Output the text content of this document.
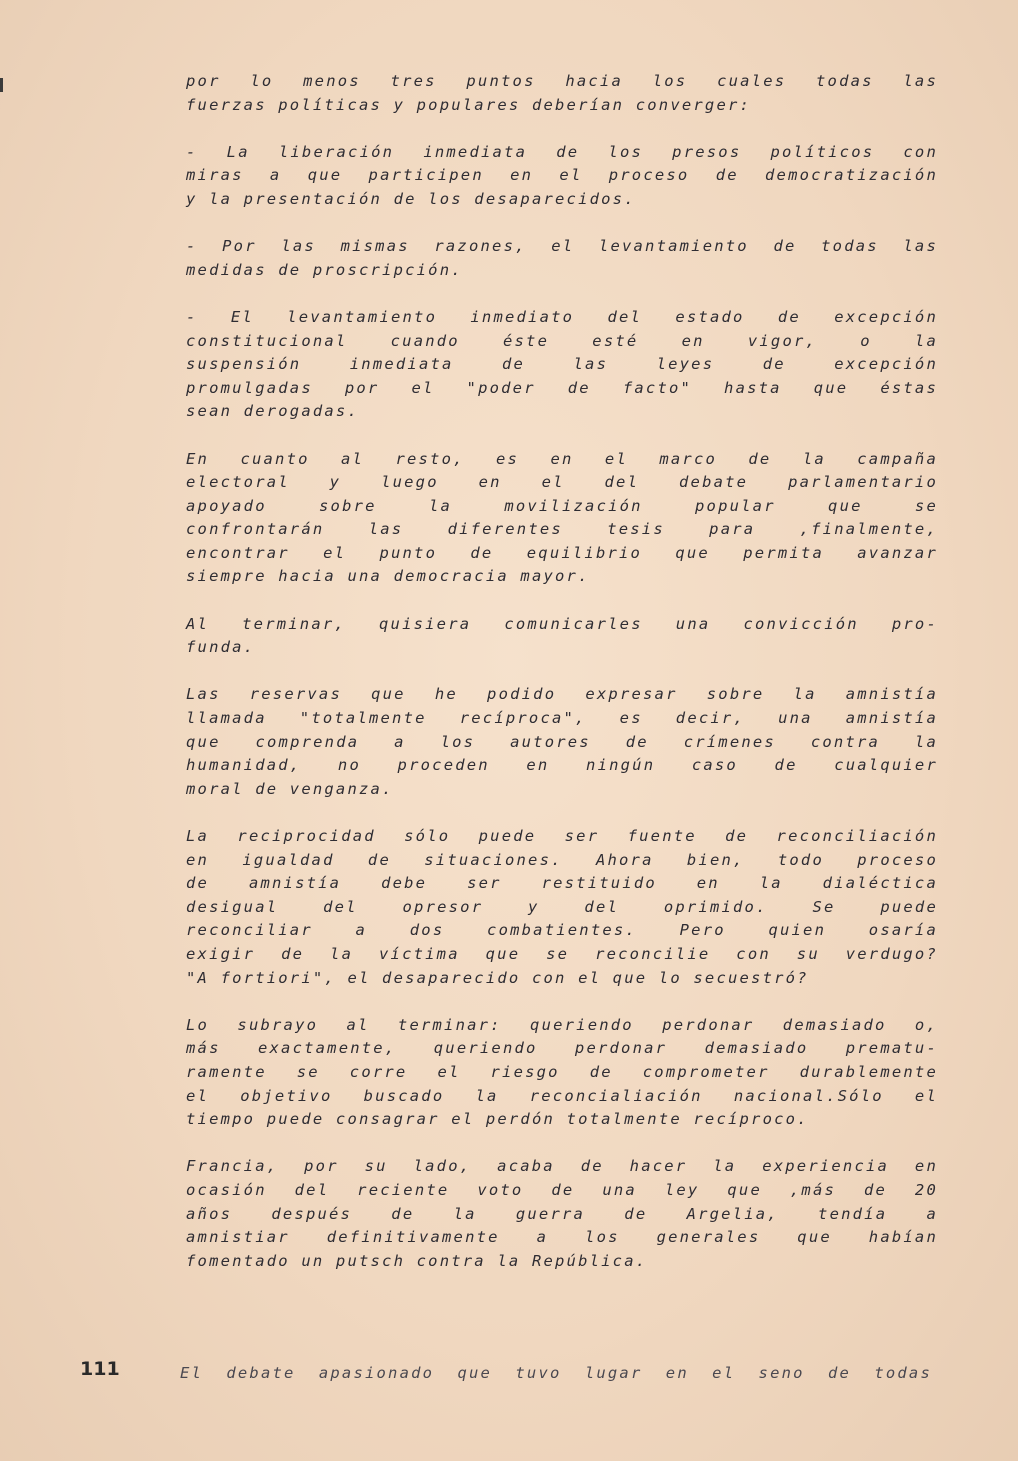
por lo menos tres puntos hacia los cuales todas las
fuerzas políticas y populares deberían converger:
- La liberación inmediata de los presos políticos con
miras a que participen en el proceso de democratización
y la presentación de los desaparecidos.
- Por las mismas razones, el levantamiento de todas las
medidas de proscripción.
- El levantamiento inmediato del estado de excepción
constitucional cuando éste esté en vigor, o la
suspensión inmediata de las leyes de excepción
promulgadas por el "poder de facto" hasta que éstas
sean derogadas.
En cuanto al resto, es en el marco de la campaña
electoral y luego en el del debate parlamentario
apoyado sobre la movilización popular que se
confrontarán las diferentes tesis para ,finalmente,
encontrar el punto de equilibrio que permita avanzar
siempre hacia una democracia mayor.
Al terminar, quisiera comunicarles una convicción pro-
funda.
Las reservas que he podido expresar sobre la amnistía
llamada "totalmente recíproca", es decir, una amnistía
que comprenda a los autores de crímenes contra la
humanidad, no proceden en ningún caso de cualquier
moral de venganza.
La reciprocidad sólo puede ser fuente de reconciliación
en igualdad de situaciones. Ahora bien, todo proceso
de amnistía debe ser restituido en la dialéctica
desigual del opresor y del oprimido. Se puede
reconciliar a dos combatientes. Pero quien osaría
exigir de la víctima que se reconcilie con su verdugo?
"A fortiori", el desaparecido con el que lo secuestró?
Lo subrayo al terminar: queriendo perdonar demasiado o,
más exactamente, queriendo perdonar demasiado prematu-
ramente se corre el riesgo de comprometer durablemente
el objetivo buscado la reconcialiación nacional.Sólo el
tiempo puede consagrar el perdón totalmente recíproco.
Francia, por su lado, acaba de hacer la experiencia en
ocasión del reciente voto de una ley que ,más de 20
años después de la guerra de Argelia, tendía a
amnistiar definitivamente a los generales que habían
fomentado un putsch contra la República.
111	El debate apasionado que tuvo lugar en el seno de todas
